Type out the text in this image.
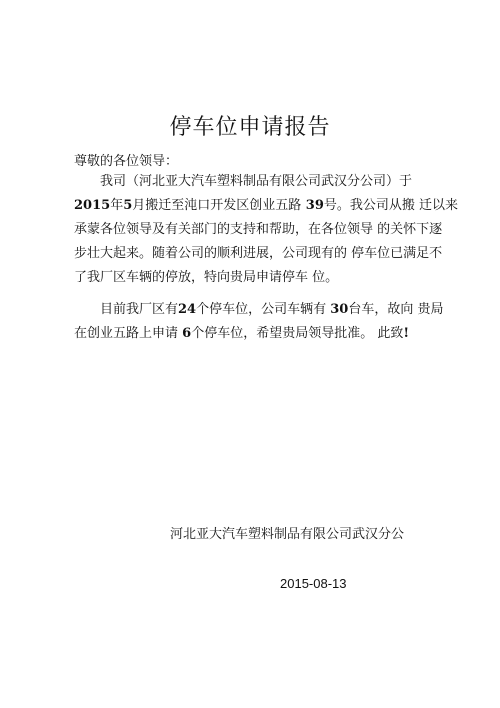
停车位申请报告
尊敬的各位领导：
　　我司（河北亚大汽车塑料制品有限公司武汉分公司）于
2015年5月搬迁至沌口开发区创业五路 39号。我公司从搬 迁以来
承蒙各位领导及有关部门的支持和帮助，在各位领导 的关怀下逐
步壮大起来。随着公司的顺利进展，公司现有的 停车位已满足不
了我厂区车辆的停放，特向贵局申请停车 位。
　　目前我厂区有24个停车位，公司车辆有 30台车，故向 贵局
在创业五路上申请 6个停车位，希望贵局领导批准。 此致!
河北亚大汽车塑料制品有限公司武汉分公
2015-08-13
